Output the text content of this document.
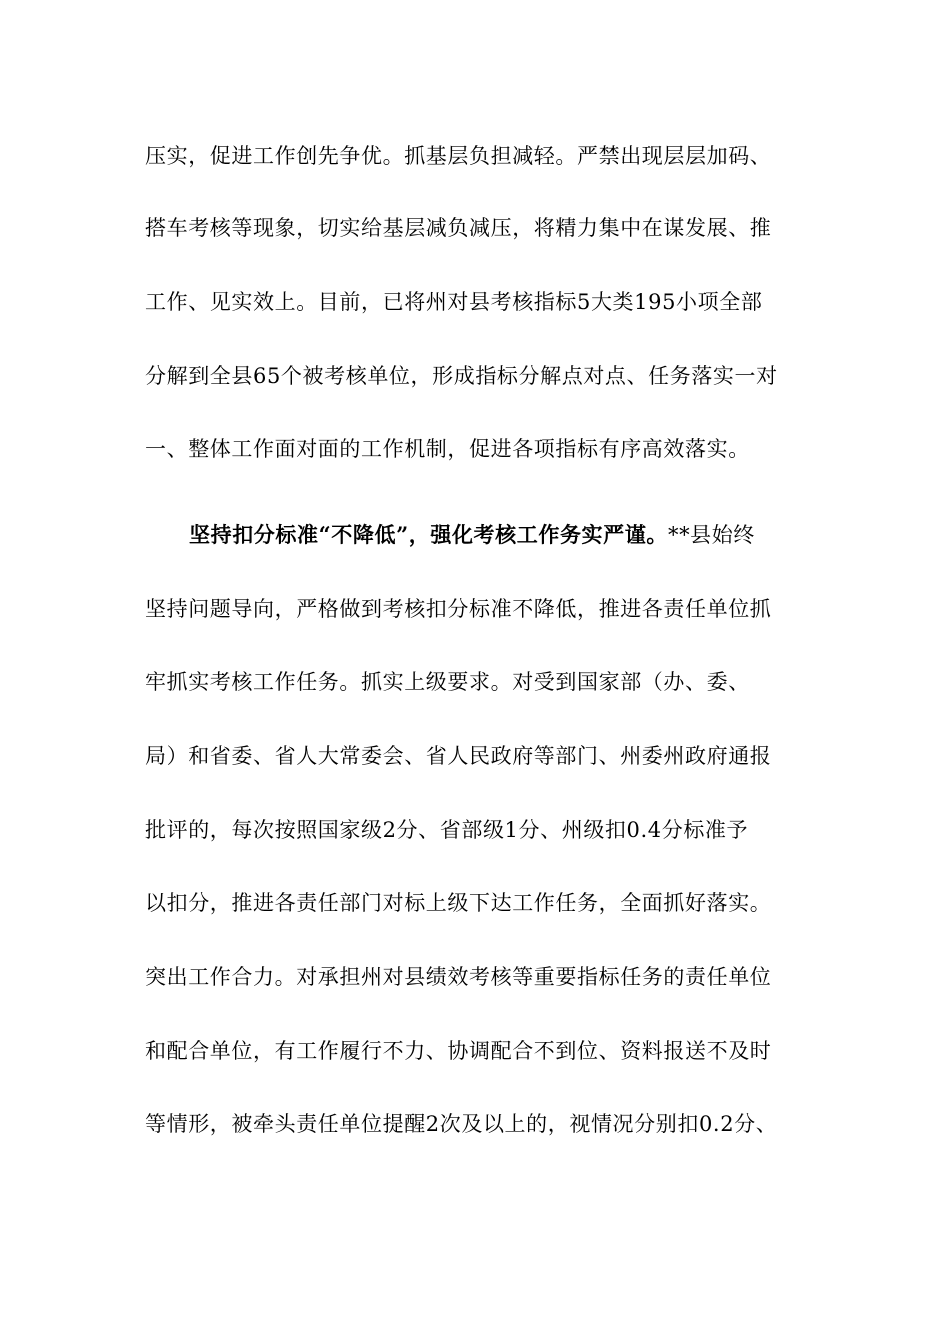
压实，促进工作创先争优。抓基层负担减轻。严禁出现层层加码、
搭车考核等现象，切实给基层减负减压，将精力集中在谋发展、推
工作、见实效上。目前，已将州对县考核指标5大类195小项全部
分解到全县65个被考核单位，形成指标分解点对点、任务落实一对
一、整体工作面对面的工作机制，促进各项指标有序高效落实。
坚持扣分标准“不降低”，强化考核工作务实严谨。**县始终
坚持问题导向，严格做到考核扣分标准不降低，推进各责任单位抓
牢抓实考核工作任务。抓实上级要求。对受到国家部（办、委、
局）和省委、省人大常委会、省人民政府等部门、州委州政府通报
批评的，每次按照国家级2分、省部级1分、州级扣0.4分标准予
以扣分，推进各责任部门对标上级下达工作任务，全面抓好落实。
突出工作合力。对承担州对县绩效考核等重要指标任务的责任单位
和配合单位，有工作履行不力、协调配合不到位、资料报送不及时
等情形，被牵头责任单位提醒2次及以上的，视情况分别扣0.2分、
